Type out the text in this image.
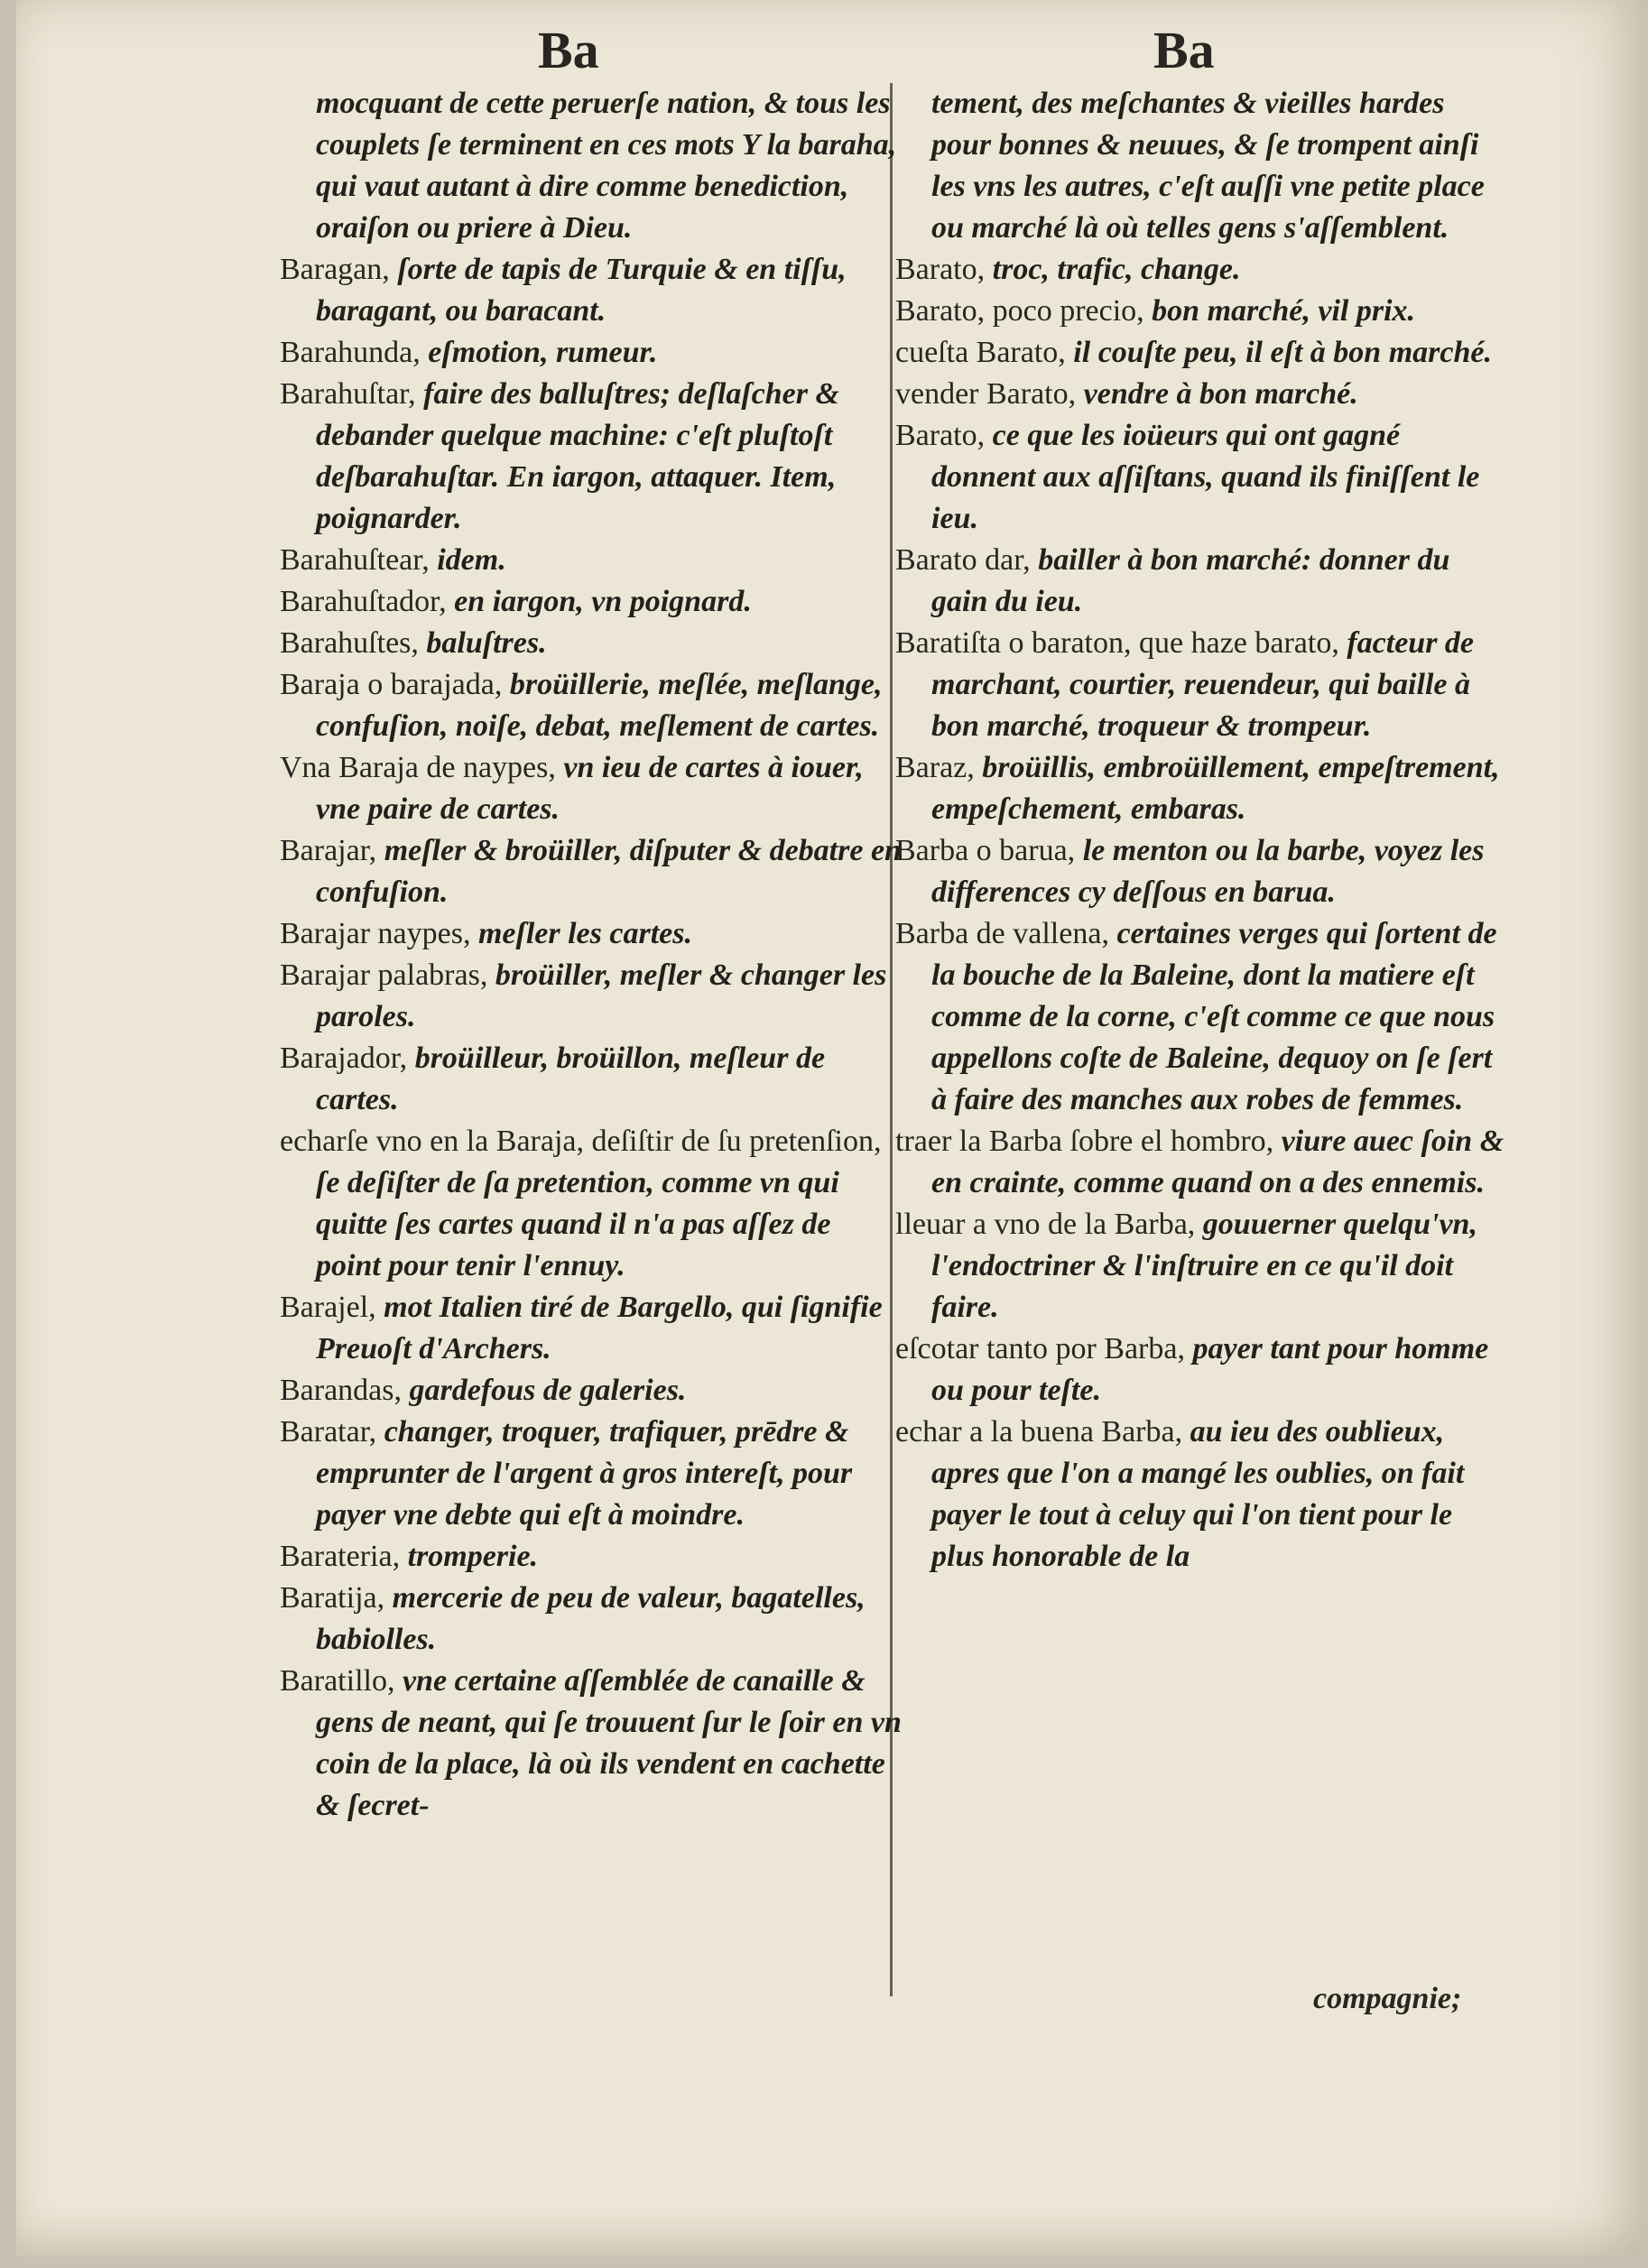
Ba	Ba

mocquant de cette peruerſe nation, & tous les couplets ſe terminent en ces mots Y la baraha, qui vaut autant à dire comme benediction, oraiſon ou priere à Dieu.

Baragan, ſorte de tapis de Turquie & en tiſſu, baragant, ou baracant.

Barahunda, eſmotion, rumeur.

Barahuſtar, faire des balluſtres; deſlaſcher & debander quelque machine: c'eſt pluſtoſt deſbarahuſtar. En iargon, attaquer. Item, poignarder.

Barahuſtear, idem.

Barahuſtador, en iargon, vn poignard.

Barahuſtes, baluſtres.

Baraja o barajada, broüillerie, meſlée, meſlange, confuſion, noiſe, debat, meſlement de cartes.

Vna Baraja de naypes, vn ieu de cartes à iouer, vne paire de cartes.

Barajar, meſler & broüiller, diſputer & debatre en confuſion.

Barajar naypes, meſler les cartes.

Barajar palabras, broüiller, meſler & changer les paroles.

Barajador, broüilleur, broüillon, meſleur de cartes.

echarſe vno en la Baraja, deſiſtir de ſu pretenſion, ſe deſiſter de ſa pretention, comme vn qui quitte ſes cartes quand il n'a pas aſſez de point pour tenir l'ennuy.

Barajel, mot Italien tiré de Bargello, qui ſignifie Preuoſt d'Archers.

Barandas, gardefous de galeries.

Baratar, changer, troquer, trafiquer, prēdre & emprunter de l'argent à gros intereſt, pour payer vne debte qui eſt à moindre.

Barateria, tromperie.

Baratija, mercerie de peu de valeur, bagatelles, babiolles.

Baratillo, vne certaine aſſemblée de canaille & gens de neant, qui ſe trouuent ſur le ſoir en vn coin de la place, là où ils vendent en cachette & ſecret-

tement, des meſchantes & vieilles hardes pour bonnes & neuues, & ſe trompent ainſi les vns les autres, c'eſt auſſi vne petite place ou marché là où telles gens s'aſſemblent.

Barato, troc, trafic, change.

Barato, poco precio, bon marché, vil prix.

cueſta Barato, il couſte peu, il eſt à bon marché.

vender Barato, vendre à bon marché.

Barato, ce que les ioüeurs qui ont gagné donnent aux aſſiſtans, quand ils finiſſent le ieu.

Barato dar, bailler à bon marché: donner du gain du ieu.

Baratiſta o baraton, que haze barato, facteur de marchant, courtier, reuendeur, qui baille à bon marché, troqueur & trompeur.

Baraz, broüillis, embroüillement, empeſtrement, empeſchement, embaras.

Barba o barua, le menton ou la barbe, voyez les differences cy deſſous en barua.

Barba de vallena, certaines verges qui ſortent de la bouche de la Baleine, dont la matiere eſt comme de la corne, c'eſt comme ce que nous appellons coſte de Baleine, dequoy on ſe ſert à faire des manches aux robes de femmes.

traer la Barba ſobre el hombro, viure auec ſoin & en crainte, comme quand on a des ennemis.

lleuar a vno de la Barba, gouuerner quelqu'vn, l'endoctriner & l'inſtruire en ce qu'il doit faire.

eſcotar tanto por Barba, payer tant pour homme ou pour teſte.

echar a la buena Barba, au ieu des oublieux, apres que l'on a mangé les oublies, on fait payer le tout à celuy qui l'on tient pour le plus honorable de la

compagnie;
